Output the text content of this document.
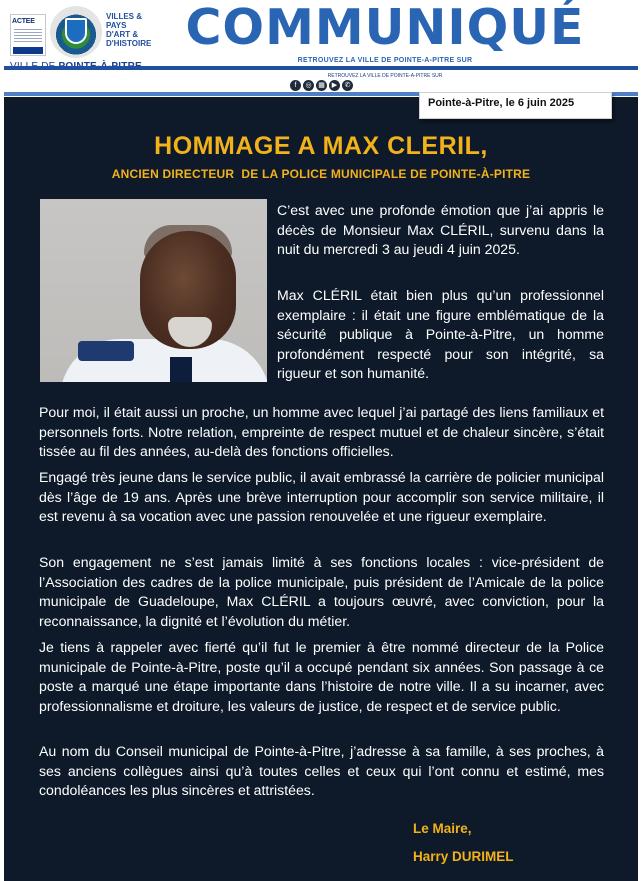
ACTEE
VILLES & PAYS D'ART & D'HISTOIRE COMMUNIQUÉ
RETROUVEZ LA VILLE DE POINTE-A-PITRE SUR
RETROUVEZ LA VILLE DE POINTE-A-PITRE SUR
f	◎ ▦ ▶	✆
Pointe-à-Pitre, le 6 juin 2025
HOMMAGE A MAX CLERIL,
ANCIEN DIRECTEUR  DE LA POLICE MUNICIPALE DE POINTE-À-PITRE

C’est avec une profonde émotion que j’ai appris le décès de Monsieur Max CLÉRIL, survenu dans la nuit du mercredi 3 au jeudi 4 juin 2025.

Max CLÉRIL était bien plus qu’un professionnel exemplaire : il était une figure emblématique de la sécurité publique à Pointe-à-Pitre, un homme profondément respecté pour son intégrité, sa rigueur et son humanité.

Pour moi, il était aussi un proche, un homme avec lequel j’ai partagé des liens familiaux et personnels forts. Notre relation, empreinte de respect mutuel et de chaleur sincère, s’était tissée au fil des années, au-delà des fonctions officielles.

Engagé très jeune dans le service public, il avait embrassé la carrière de policier municipal dès l’âge de 19 ans. Après une brève interruption pour accomplir son service militaire, il est revenu à sa vocation avec une passion renouvelée et une rigueur exemplaire.

Son engagement ne s’est jamais limité à ses fonctions locales : vice-président de l’Association des cadres de la police municipale, puis président de l’Amicale de la police municipale de Guadeloupe, Max CLÉRIL a toujours œuvré, avec conviction, pour la reconnaissance, la dignité et l’évolution du métier.

Je tiens à rappeler avec fierté qu’il fut le premier à être nommé directeur de la Police municipale de Pointe-à-Pitre, poste qu’il a occupé pendant six années. Son passage à ce poste a marqué une étape importante dans l’histoire de notre ville. Il a su incarner, avec professionnalisme et droiture, les valeurs de justice, de respect et de service public.

Au nom du Conseil municipal de Pointe-à-Pitre, j’adresse à sa famille, à ses proches, à ses anciens collègues ainsi qu’à toutes celles et ceux qui l’ont connu et estimé, mes condoléances les plus sincères et attristées.

Le Maire,
Harry DURIMEL
